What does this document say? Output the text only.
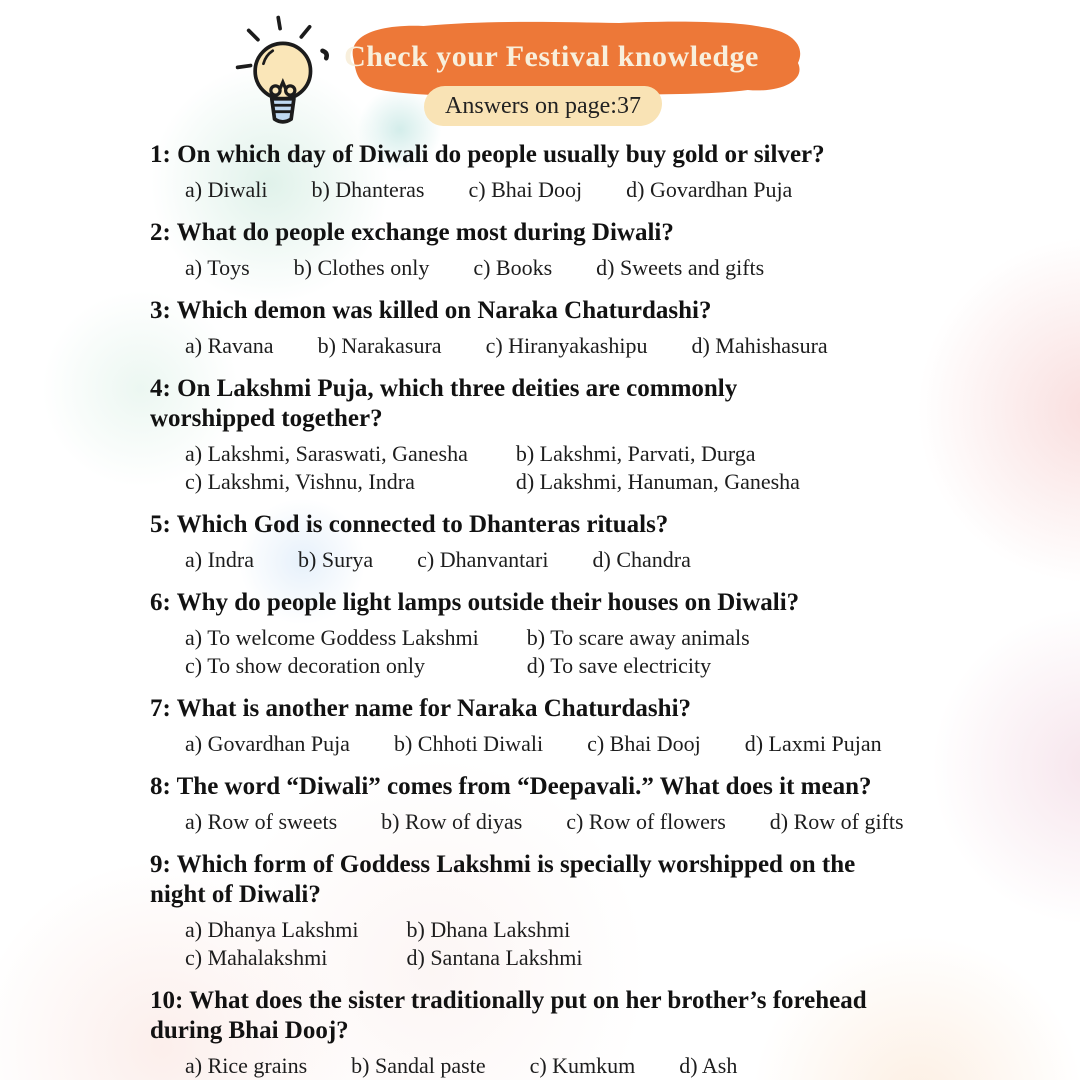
Check your Festival knowledge
Answers on page:37
1: On which day of Diwali do people usually buy gold or silver?
a) Diwali b) Dhanteras c) Bhai Dooj d) Govardhan Puja
2: What do people exchange most during Diwali?
a) Toys b) Clothes only c) Books d) Sweets and gifts
3: Which demon was killed on Naraka Chaturdashi?
a) Ravana b) Narakasura c) Hiranyakashipu d) Mahishasura
4: On Lakshmi Puja, which three deities are commonly
worshipped together?
a) Lakshmi, Saraswati, Ganesha b) Lakshmi, Parvati, Durga
c) Lakshmi, Vishnu, Indra	d) Lakshmi, Hanuman, Ganesha
5: Which God is connected to Dhanteras rituals?
a) Indra b) Surya c) Dhanvantari d) Chandra
6: Why do people light lamps outside their houses on Diwali?
a) To welcome Goddess Lakshmi b) To scare away animals
c) To show decoration only	d) To save electricity
7: What is another name for Naraka Chaturdashi?
a) Govardhan Puja b) Chhoti Diwali c) Bhai Dooj d) Laxmi Pujan
8: The word “Diwali” comes from “Deepavali.” What does it mean?
a) Row of sweets b) Row of diyas c) Row of flowers d) Row of gifts
9: Which form of Goddess Lakshmi is specially worshipped on the
night of Diwali?
a) Dhanya Lakshmi b) Dhana Lakshmi
c) Mahalakshmi	d) Santana Lakshmi
10: What does the sister traditionally put on her brother’s forehead
during Bhai Dooj?
a) Rice grains b) Sandal paste c) Kumkum d) Ash
